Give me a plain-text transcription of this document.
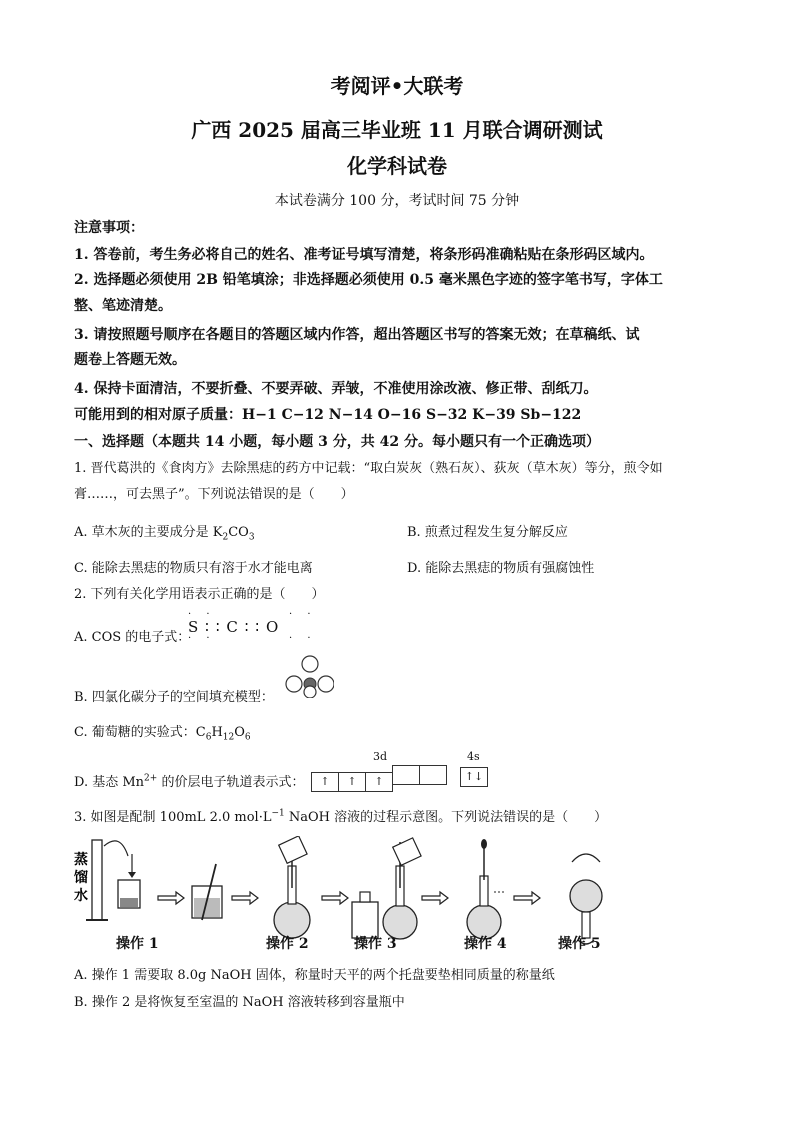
考阅评•大联考
广西 2025 届高三毕业班 11 月联合调研测试
化学科试卷
本试卷满分 100 分，考试时间 75 分钟
注意事项：
1. 答卷前，考生务必将自己的姓名、准考证号填写清楚，将条形码准确粘贴在条形码区域内。
2. 选择题必须使用 2B 铅笔填涂；非选择题必须使用 0.5 毫米黑色字迹的签字笔书写，字体工
整、笔迹清楚。
3. 请按照题号顺序在各题目的答题区域内作答，超出答题区书写的答案无效；在草稿纸、试
题卷上答题无效。
4. 保持卡面清洁，不要折叠、不要弄破、弄皱，不准使用涂改液、修正带、刮纸刀。
可能用到的相对原子质量：H−1 C−12 N−14 O−16 S−32 K−39 Sb−122
一、选择题（本题共 14 小题，每小题 3 分，共 42 分。每小题只有一个正确选项）
1. 晋代葛洪的《食肉方》去除黑痣的药方中记载：“取白炭灰（熟石灰）、荻灰（草木灰）等分，煎令如
膏……，可去黑子”。下列说法错误的是（　　）
A. 草木灰的主要成分是 $K_2CO_3$	B. 煎煮过程发生复分解反应
C. 能除去黑痣的物质只有溶于水才能电离	D. 能除去黑痣的物质有强腐蚀性
2. 下列有关化学用语表示正确的是（　　）
A. COS 的电子式：
· ·        · ·
S ∶ ∶ C ∶ ∶ O
· ·        · ·
B. 四氯化碳分子的空间填充模型：
C. 葡萄糖的实验式：$C_6H_{12}O_6$
D. 基态 $Mn^{2+}$ 的价层电子轨道表示式：
3d	4s
↑ ↑ ↑	↑↓
3. 如图是配制 100mL 2.0 $mol\cdot L^{-1}$ NaOH 溶液的过程示意图。下列说法错误的是（　　）
蒸
馏
水
操作 1	操作 2	操作 3	操作 4	操作 5
A. 操作 1 需要取 8.0g NaOH 固体，称量时天平的两个托盘要垫相同质量的称量纸
B. 操作 2 是将恢复至室温的 NaOH 溶液转移到容量瓶中
